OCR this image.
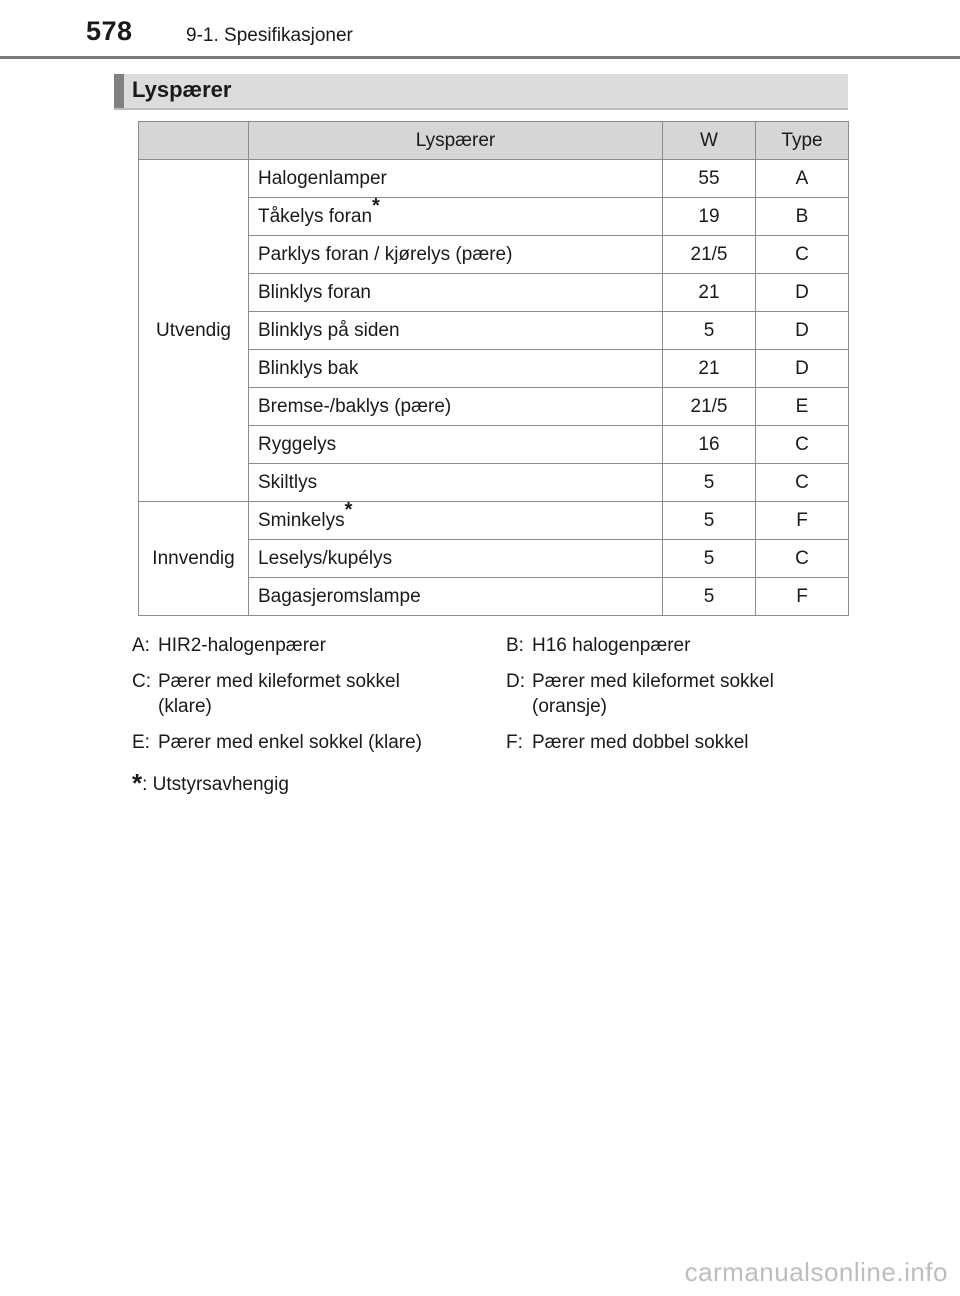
578	9-1. Spesifikasjoner
Lyspærer
	Lyspærer	W	Type
Utvendig	Halogenlamper	55	A
	Tåkelys foran*	19	B
	Parklys foran / kjørelys (pære)	21/5	C
	Blinklys foran	21	D
	Blinklys på siden	5	D
	Blinklys bak	21	D
	Bremse-/baklys (pære)	21/5	E
	Ryggelys	16	C
	Skiltlys	5	C
Innvendig	Sminkelys*	5	F
	Leselys/kupélys	5	C
	Bagasjeromslampe	5	F
A: HIR2-halogenpærer	B: H16 halogenpærer
C: Pærer med kileformet sokkel
(klare)
D: Pærer med kileformet sokkel
(oransje)
E: Pærer med enkel sokkel (klare)	F: Pærer med dobbel sokkel
*: Utstyrsavhengig
carmanualsonline.info
